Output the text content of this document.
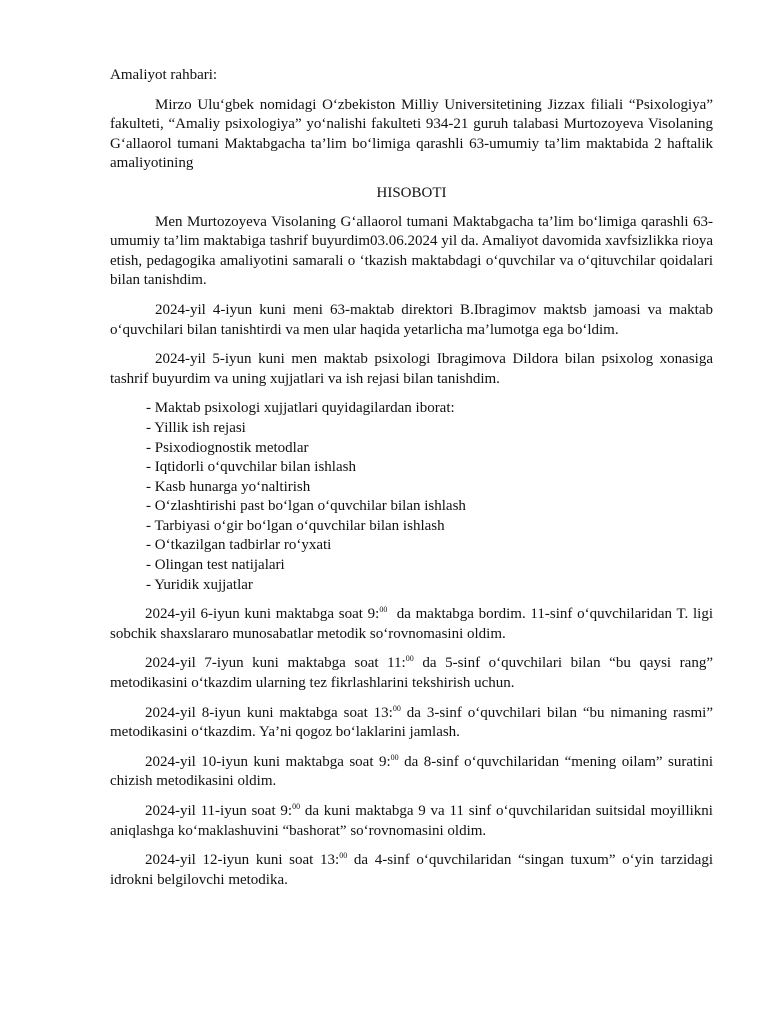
Amaliyot rahbari:

Mirzo Ulu‘gbek nomidagi O‘zbekiston Milliy Universitetining Jizzax filiali “Psixologiya” fakulteti, “Amaliy psixologiya” yo‘nalishi fakulteti 934-21 guruh talabasi Murtozoyeva Visolaning G‘allaorol tumani Maktabgacha ta’lim bo‘limiga qarashli 63-umumiy ta’lim maktabida 2 haftalik amaliyotining

HISOBOTI

Men Murtozoyeva Visolaning G‘allaorol tumani Maktabgacha ta’lim bo‘limiga qarashli 63-umumiy ta’lim maktabiga tashrif buyurdim03.06.2024 yil da. Amaliyot davomida xavfsizlikka rioya etish, pedagogika amaliyotini samarali o ‘tkazish maktabdagi o‘quvchilar va o‘qituvchilar qoidalari bilan tanishdim.

2024-yil 4-iyun kuni meni 63-maktab direktori B.Ibragimov maktsb jamoasi va maktab o‘quvchilari bilan tanishtirdi va men ular haqida yetarlicha ma’lumotga ega bo‘ldim.

2024-yil 5-iyun kuni men maktab psixologi Ibragimova Dildora bilan psixolog xonasiga tashrif buyurdim va uning xujjatlari va ish rejasi bilan tanishdim.

- Maktab psixologi xujjatlari quyidagilardan iborat:
- Yillik ish rejasi
- Psixodiognostik metodlar
- Iqtidorli o‘quvchilar bilan ishlash
- Kasb hunarga yo‘naltirish
- O‘zlashtirishi past bo‘lgan o‘quvchilar bilan ishlash
- Tarbiyasi o‘gir bo‘lgan o‘quvchilar bilan ishlash
- O‘tkazilgan tadbirlar ro‘yxati
- Olingan test natijalari
- Yuridik xujjatlar

2024-yil 6-iyun kuni maktabga soat 9:$^{00}$  da maktabga bordim. 11-sinf o‘quvchilaridan T. ligi sobchik shaxslararo munosabatlar metodik so‘rovnomasini oldim.

2024-yil 7-iyun kuni maktabga soat 11:$^{00}$ da 5-sinf o‘quvchilari bilan “bu qaysi rang” metodikasini o‘tkazdim ularning tez fikrlashlarini tekshirish uchun.

2024-yil 8-iyun kuni maktabga soat 13:$^{00}$ da 3-sinf o‘quvchilari bilan “bu nimaning rasmi” metodikasini o‘tkazdim. Ya’ni qogoz bo‘laklarini jamlash.

2024-yil 10-iyun kuni maktabga soat 9:$^{00}$ da 8-sinf o‘quvchilaridan “mening oilam” suratini chizish metodikasini oldim.

2024-yil 11-iyun soat 9:$^{00}$ da kuni maktabga 9 va 11 sinf o‘quvchilaridan suitsidal moyillikni aniqlashga ko‘maklashuvini “bashorat” so‘rovnomasini oldim.

2024-yil 12-iyun kuni soat 13:$^{00}$ da 4-sinf o‘quvchilaridan “singan tuxum” o‘yin tarzidagi idrokni belgilovchi metodika.
